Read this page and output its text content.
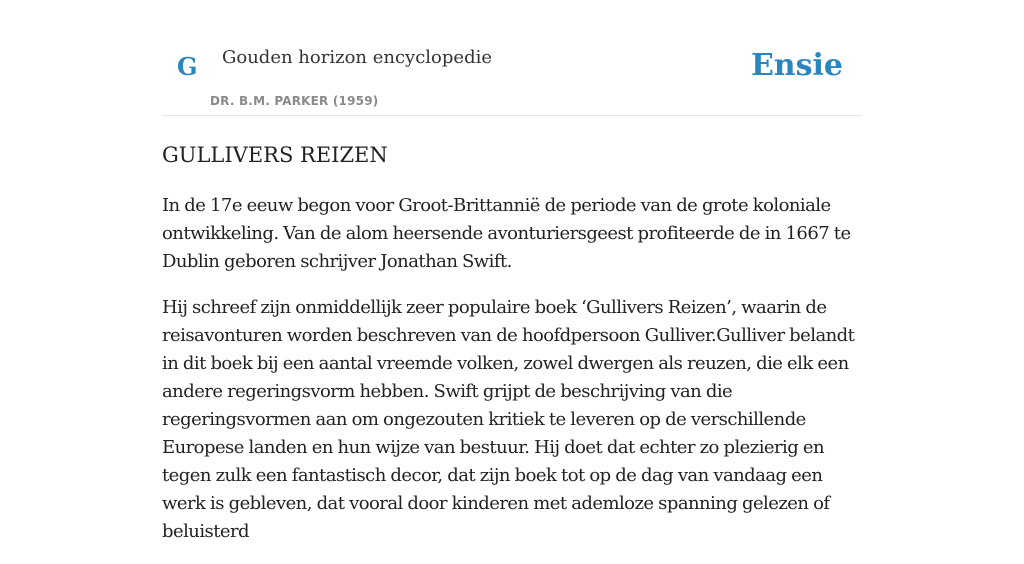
G Gouden horizon encyclopedie
DR. B.M. PARKER (1959)
Ensie
GULLIVERS REIZEN

In de 17e eeuw begon voor Groot-Brittannië de periode van de grote koloniale ontwikkeling. Van de alom heersende avonturiersgeest profiteerde de in 1667 te Dublin geboren schrijver Jonathan Swift.

Hij schreef zijn onmiddellijk zeer populaire boek ‘Gullivers Reizen’, waarin de reisavonturen worden beschreven van de hoofdpersoon Gulliver.Gulliver belandt in dit boek bij een aantal vreemde volken, zowel dwergen als reuzen, die elk een andere regeringsvorm hebben. Swift grijpt de beschrijving van die regeringsvormen aan om ongezouten kritiek te leveren op de verschillende Europese landen en hun wijze van bestuur. Hij doet dat echter zo plezierig en tegen zulk een fantastisch decor, dat zijn boek tot op de dag van vandaag een werk is gebleven, dat vooral door kinderen met ademloze spanning gelezen of beluisterd
